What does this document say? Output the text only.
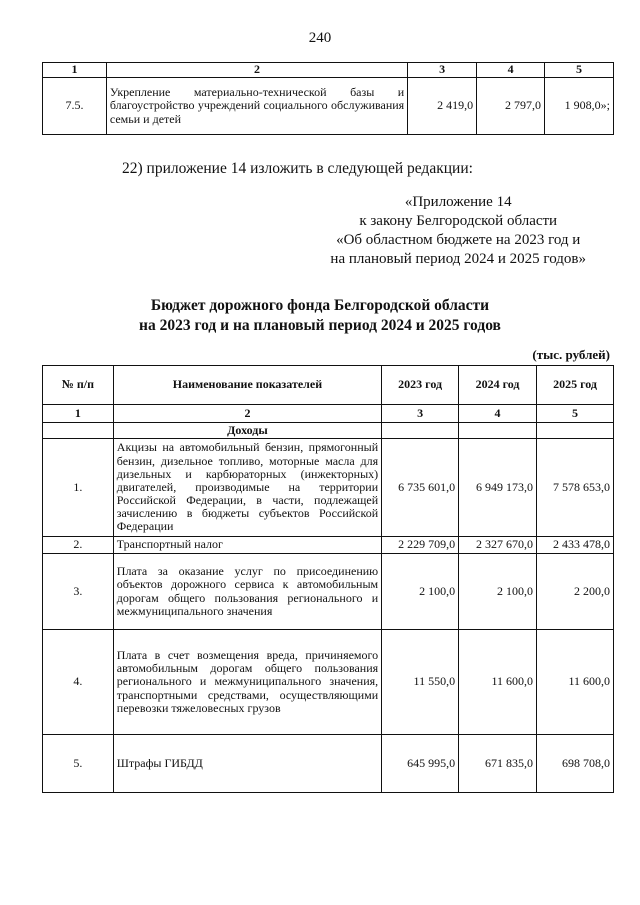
240
1	2	3	4	5
7.5.	Укрепление материально-технической базы и благоустройство учреждений социального обслуживания семьи и детей	2 419,0	2 797,0	1 908,0»;
22) приложение 14 изложить в следующей редакции:
«Приложение 14
к закону Белгородской области
«Об областном бюджете на 2023 год и
на плановый период 2024 и 2025 годов»
Бюджет дорожного фонда Белгородской области
на 2023 год и на плановый период 2024 и 2025 годов
(тыс. рублей)
№ п/п	Наименование показателей	2023 год	2024 год	2025 год
1	2	3	4	5
	Доходы			
1.	Акцизы на автомобильный бензин, прямогонный бензин, дизельное топливо, моторные масла для дизельных и карбюраторных (инжекторных) двигателей, производимые на территории Российской Федерации, в части, подлежащей зачислению в бюджеты субъектов Российской Федерации	6 735 601,0	6 949 173,0	7 578 653,0
2.	Транспортный налог	2 229 709,0	2 327 670,0	2 433 478,0
3.	Плата за оказание услуг по присоединению объектов дорожного сервиса к автомобильным дорогам общего пользования регионального и межмуниципального значения	2 100,0	2 100,0	2 200,0
4.	Плата в счет возмещения вреда, причиняемого автомобильным дорогам общего пользования регионального и межмуниципального значения, транспортными средствами, осуществляющими перевозки тяжеловесных грузов	11 550,0	11 600,0	11 600,0
5.	Штрафы ГИБДД	645 995,0	671 835,0	698 708,0
